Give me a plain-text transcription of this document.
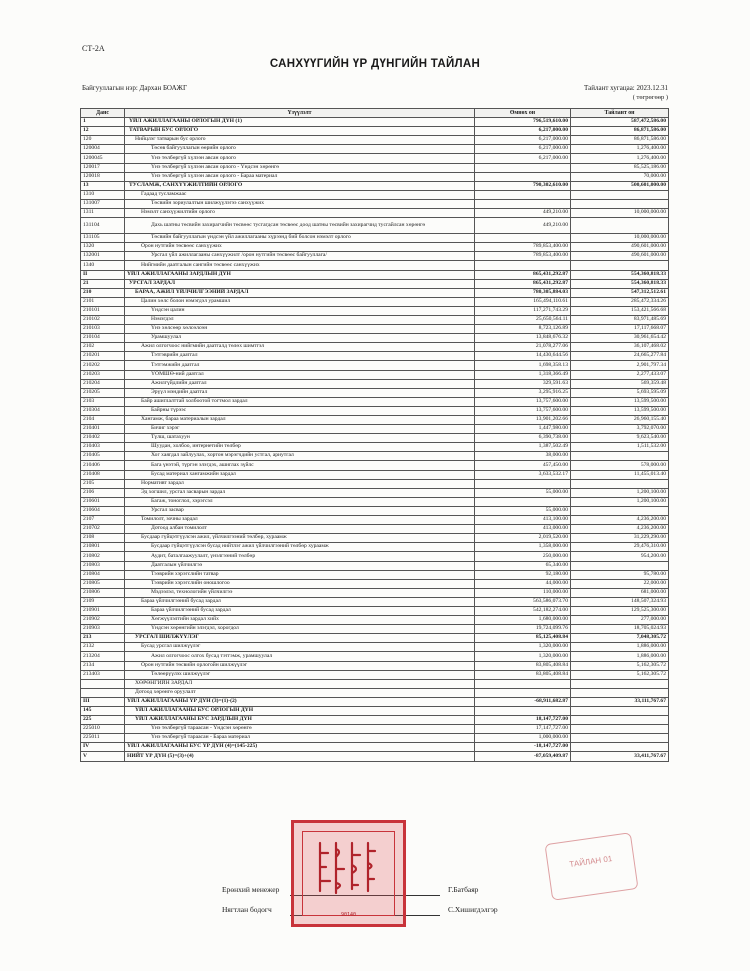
СТ-2А
САНХҮҮГИЙН ҮР ДҮНГИЙН ТАЙЛАН
Байгууллагын нэр: Дархан БОАЖГ	Тайлант хугацаа: 2023.12.31
( төгрөгөөр )
Данс	Үзүүлэлт	Өмнөх он	Тайлант он
1	ҮЙЛ АЖИЛЛАГААНЫ ОРЛОГЫН ДҮН (1)	796,519,610.00	587,472,586.00
12	ТАТВАРЫН БУС ОРЛОГО	6,217,000.00	86,871,586.00
120	Нийцлэг татварын бус орлого	6,217,000.00	86,871,586.00
120004	Төсөв байгууллагын өөрийн орлого	6,217,000.00	1,276,400.00
1200045	Үнэ төлбөргүй хүлээн авсан орлого	6,217,000.00	1,276,400.00
120017	Үнэ төлбөргүй хүлээн авсан орлого - Үндсэн хөрөнгө		85,525,186.00
120018	Үнэ төлбөргүй хүлээн авсан орлого - Бараа материал		70,000.00
13	ТУСЛАМЖ, САНХҮҮЖИЛТИЙН ОРЛОГО	790,302,610.00	500,601,000.00
1310	Гадаад тусламжаас		
131007	Төсвийн зориулалтын шилжүүлэгээ санхүүжих		
1311	Нэмэлт санхүүжилтийн орлого	449,210.00	10,000,000.00
131104	Дахь шатны төсвийн захирагчийн төсвөөс тусгагдсан төсвөөс доод шатны төсвийн захирагчид тусгайлсан хөрөнгө	449,210.00	
131105	Төсвийн байгууллагын үндсэн үйл ажиллагааны хүрээнд бий болсон нэмэлт орлого		10,000,000.00
1320	Орон нутгийн төсвөөс санхүүжих	789,853,400.00	490,601,000.00
132001	Урсгал үйл ажиллагааны санхүүжилт /орон нутгийн төсвөөс байгууллага/	789,853,400.00	490,601,000.00
1340	Нийгмийн даатгалын сангийн төсвөөс санхүүжих		
II	ҮЙЛ АЖИЛЛАГААНЫ ЗАРДЛЫН ДҮН	865,431,292.87	554,360,818.33
21	УРСГАЛ ЗАРДАЛ	865,431,292.87	554,360,818.33
210	БАРАА, АЖИЛ ҮЙЛЧИЛГЭЭНИЙ ЗАРДАЛ	780,305,884.03	547,312,512.61
2101	Цалин хөлс болон нэмэгдэл урамшил	165,494,110.61	285,472,334.26
210101	Үндсэн цалин	117,271,743.29	153,421,566.68
210102	Нэмэгдэл	25,650,564.11	83,971,485.69
210103	Үнэ хөлсөөр хөлсөлсөн	8,723,126.89	17,117,668.07
210104	Урамшуулал	13,848,676.32	30,961,654.42
2102	Ажил олгогчоос нийгмийн даатгалд төлөх шимтгэл	21,078,277.06	36,107,468.02
210201	Тэтгэврийн даатгал	14,430,644.56	24,665,277.84
210202	Тэтгэмжийн даатгал	1,698,358.13	2,901,797.34
210203	ҮОМШӨ-ний даатгал	1,318,366.49	2,277,433.07
210204	Ажилгүйдлийн даатгал	329,591.63	569,359.48
210205	Эрүүл мэндийн даатгал	3,295,916.25	5,693,595.09
2103	Байр ашиглалттай холбоотой тогтмол зардал	13,757,600.00	13,599,500.00
210304	Байрны түрээс	13,757,600.00	13,599,500.00
2104	Хангамж, бараа материалын зардал	13,901,202.66	26,960,155.40
210401	Бичиг хэрэг	1,447,980.00	3,792,070.00
210402	Түлш, шатахуун	6,390,738.00	9,623,540.00
210403	Шуудан, холбоо, интернетийн төлбөр	1,387,502.49	1,511,532.00
210405	Хог хаягдал зайлуулах, хортон мэрэгчдийн устгал, ариутгал	38,000.00	
210406	Бага үнэтэй, түргэн элэгдэх, ашиглах зүйлс	457,450.00	578,000.00
210408	Бусад материал хангамжийн зардал	3,633,532.17	11,455,013.40
2105	Нормативт зардал		
2106	Эд хогшил, урсгал засварын зардал	55,000.00	1,200,100.00
210601	Багаж, тоноглол, хэрэгсэл		1,200,100.00
210604	Урсгал засвар	55,000.00	
2107	Томилолт, зочны зардал	413,100.00	4,236,200.00
210702	Дотоод албан томилолт	413,000.00	4,236,200.00
2108	Бусдаар гүйцэтгүүлсэн ажил, үйлчилгээний төлбөр, хураамж	2,019,520.00	31,229,290.00
210801	Бусдаар гүйцэтгүүлсэн бусад нийтлэг ажил үйлчилгээний төлбөр хураамж	1,358,000.00	29,476,310.00
210802	Аудит, баталгаажуулалт, үнэлгээний төлбөр	250,000.00	954,200.00
210803	Даатгалын үйлчилгээ	65,340.00	
210804	Тээврийн хэрэгслийн татвар	92,180.00	95,780.00
210805	Тээврийн хэрэгслийн оношлогоо	44,000.00	22,000.00
210806	Мэдээлэл, технологийн үйлчилгээ	110,000.00	681,000.00
2109	Бараа үйлчилгээний бусад зардал	563,586,073.70	148,507,324.93
210901	Бараа үйлчилгээний бусад зардал	542,182,274.00	129,525,300.00
210902	Хөгжүүлэлтийн зардал хийх	1,680,000.00	277,000.00
210903	Үндсэн хөрөнгийн элэгдэл, хорогдол	19,724,099.76	18,705,024.93
213	УРСГАЛ ШИЛЖҮҮЛЭГ	85,125,408.84	7,048,305.72
2132	Бусад урсгал шилжүүлэг	1,320,000.00	1,886,000.00
213204	Ажил олгогчоос олгох бусад тэтгэмж, урамшуулал	1,320,000.00	1,886,000.00
2134	Орон нутгийн төсвийн орлогойн шилжүүлэг	83,805,408.84	5,162,305.72
213403	Төлөөрүүлэх шилжүүлэг	83,805,408.84	5,162,305.72
	ХӨРӨНГИЙН ЗАРДАЛ		
	Дотоод хөрөнгө оруулалт		
III	ҮЙЛ АЖИЛЛАГААНЫ ҮР ДҮН (3)=(1)-(2)	-68,911,682.87	33,111,767.67
145	ҮЙЛ АЖИЛЛАГААНЫ БУС ОРЛОГЫН ДҮН		
225	ҮЙЛ АЖИЛЛАГААНЫ БУС ЗАРДЛЫН ДҮН	18,147,727.00	
225010	Үнэ төлбөргүй тараасан - Үндсэн хөрөнгө	17,147,727.00	
225011	Үнэ төлбөргүй тараасан - Бараа материал	1,000,000.00	
IV	ҮЙЛ АЖИЛЛАГААНЫ БУС ҮР ДҮН (4)=(145-225)	-18,147,727.00	
V	НИЙТ ҮР ДҮН (5)=(3)+(4)	-87,059,409.87	33,411,767.67
Ерөнхий менежер	Г.Батбаяр
Нягтлан бодогч	С.Хишигдэлгэр
90140
ТАЙЛАН 01
